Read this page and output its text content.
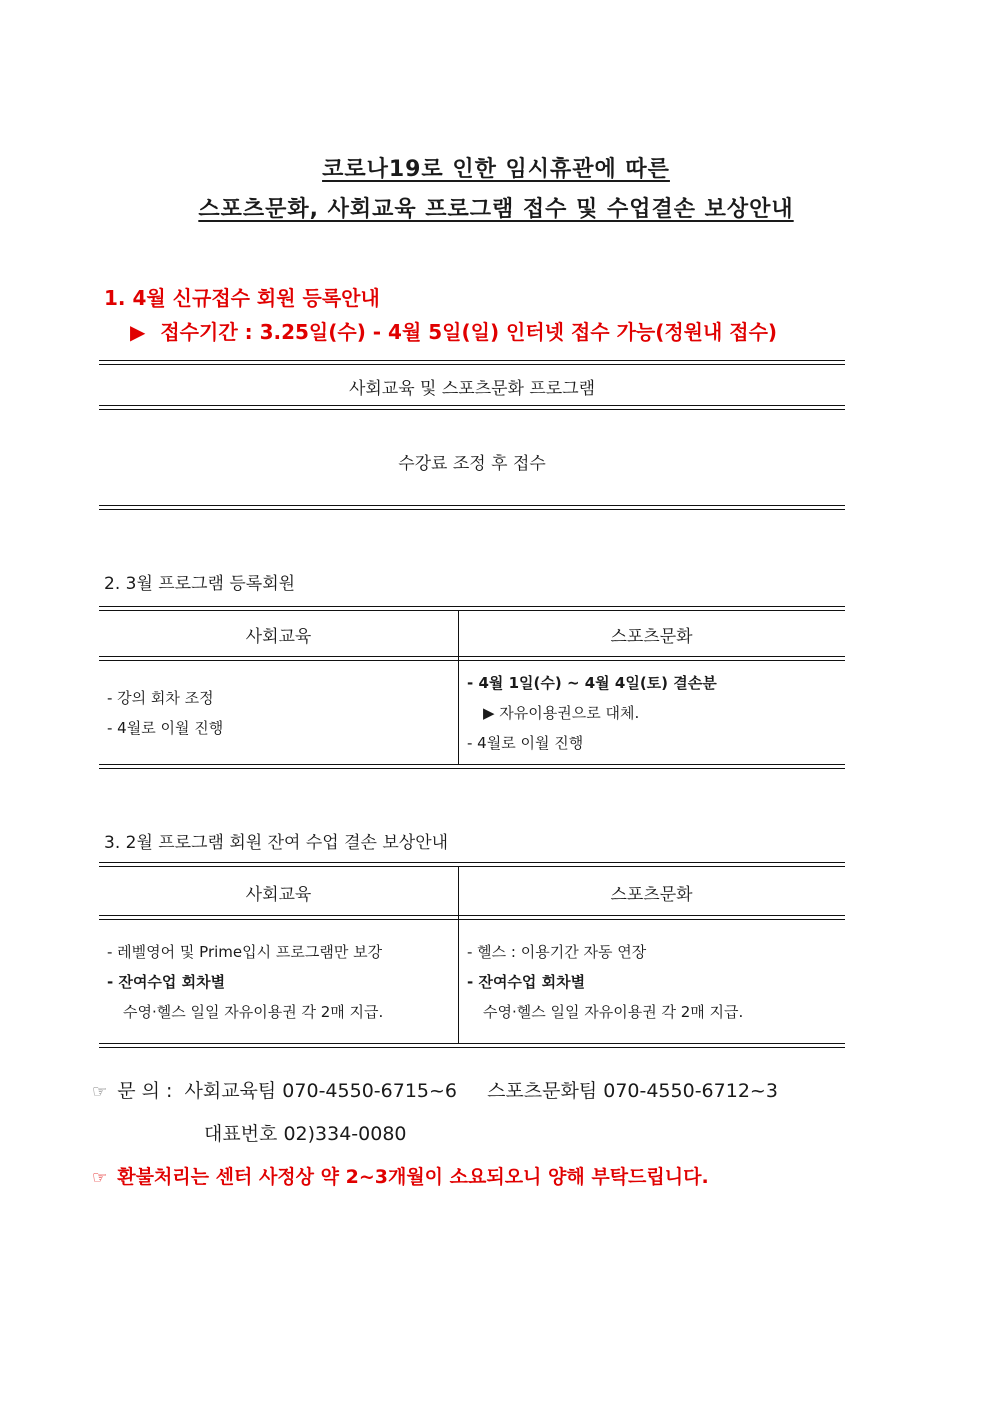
코로나19로 인한 임시휴관에 따른
스포츠문화, 사회교육 프로그램 접수 및 수업결손 보상안내
1. 4월 신규접수 회원 등록안내
▶ 접수기간 : 3.25일(수) - 4월 5일(일) 인터넷 접수 가능(정원내 접수)
사회교육 및 스포츠문화 프로그램
수강료 조정 후 접수
2. 3월 프로그램 등록회원
사회교육	스포츠문화
- 강의 회차 조정
- 4월로 이월 진행
- 4월 1일(수) ~ 4월 4일(토) 결손분
▶ 자유이용권으로 대체.
- 4월로 이월 진행
3. 2월 프로그램 회원 잔여 수업 결손 보상안내
사회교육	스포츠문화
- 레벨영어 및 Prime입시 프로그램만 보강
- 잔여수업 회차별
수영·헬스 일일 자유이용권 각 2매 지급.
- 헬스 : 이용기간 자동 연장
- 잔여수업 회차별
수영·헬스 일일 자유이용권 각 2매 지급.
☞ 문 의 : 사회교육팀 070-4550-6715~6 스포츠문화팀 070-4550-6712~3
대표번호 02)334-0080
☞ 환불처리는 센터 사정상 약 2~3개월이 소요되오니 양해 부탁드립니다.
